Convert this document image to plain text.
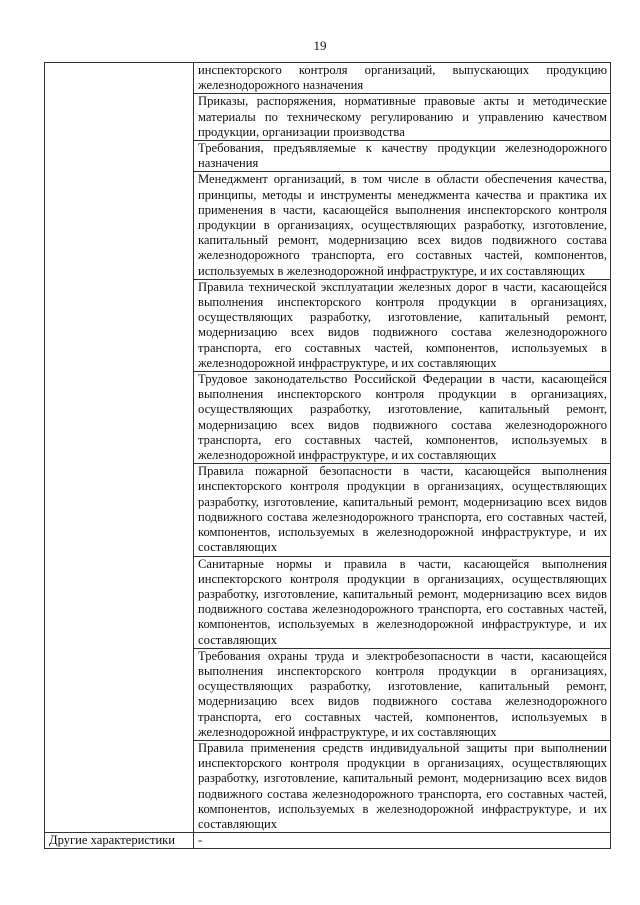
19
	инспекторского контроля организаций, выпускающих продукцию железнодорожного назначения
	Приказы, распоряжения, нормативные правовые акты и методические материалы по техническому регулированию и управлению качеством продукции, организации производства
	Требования, предъявляемые к качеству продукции железнодорожного назначения
	Менеджмент организаций, в том числе в области обеспечения качества, принципы, методы и инструменты менеджмента качества и практика их применения в части, касающейся выполнения инспекторского контроля продукции в организациях, осуществляющих разработку, изготовление, капитальный ремонт, модернизацию всех видов подвижного состава железнодорожного транспорта, его составных частей, компонентов, используемых в железнодорожной инфраструктуре, и их составляющих
	Правила технической эксплуатации железных дорог в части, касающейся выполнения инспекторского контроля продукции в организациях, осуществляющих разработку, изготовление, капитальный ремонт, модернизацию всех видов подвижного состава железнодорожного транспорта, его составных частей, компонентов, используемых в железнодорожной инфраструктуре, и их составляющих
	Трудовое законодательство Российской Федерации в части, касающейся выполнения инспекторского контроля продукции в организациях, осуществляющих разработку, изготовление, капитальный ремонт, модернизацию всех видов подвижного состава железнодорожного транспорта, его составных частей, компонентов, используемых в железнодорожной инфраструктуре, и их составляющих
	Правила пожарной безопасности в части, касающейся выполнения инспекторского контроля продукции в организациях, осуществляющих разработку, изготовление, капитальный ремонт, модернизацию всех видов подвижного состава железнодорожного транспорта, его составных частей, компонентов, используемых в железнодорожной инфраструктуре, и их составляющих
	Санитарные нормы и правила в части, касающейся выполнения инспекторского контроля продукции в организациях, осуществляющих разработку, изготовление, капитальный ремонт, модернизацию всех видов подвижного состава железнодорожного транспорта, его составных частей, компонентов, используемых в железнодорожной инфраструктуре, и их составляющих
	Требования охраны труда и электробезопасности в части, касающейся выполнения инспекторского контроля продукции в организациях, осуществляющих разработку, изготовление, капитальный ремонт, модернизацию всех видов подвижного состава железнодорожного транспорта, его составных частей, компонентов, используемых в железнодорожной инфраструктуре, и их составляющих
	Правила применения средств индивидуальной защиты при выполнении инспекторского контроля продукции в организациях, осуществляющих разработку, изготовление, капитальный ремонт, модернизацию всех видов подвижного состава железнодорожного транспорта, его составных частей, компонентов, используемых в железнодорожной инфраструктуре, и их составляющих
Другие характеристики	-
